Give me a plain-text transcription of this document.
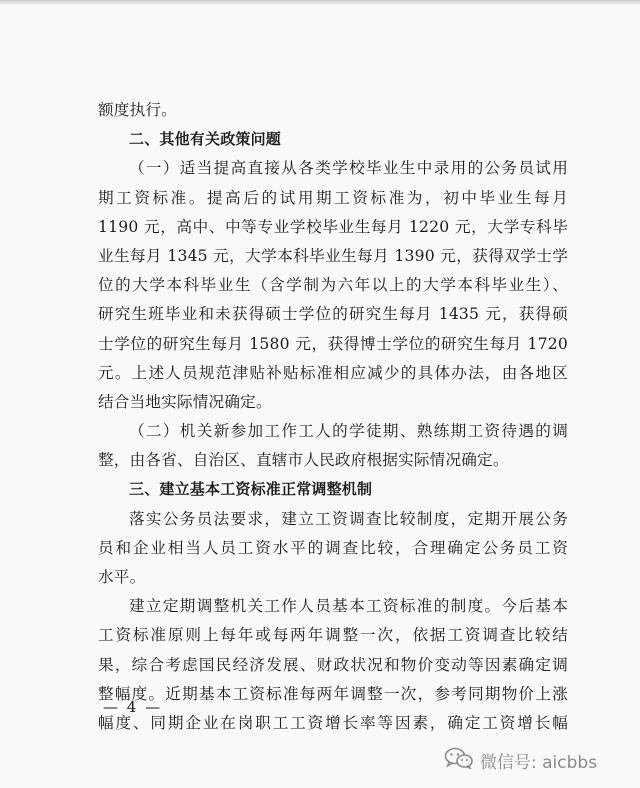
额度执行。
二、其他有关政策问题
（一）适当提高直接从各类学校毕业生中录用的公务员试用
期工资标准。提高后的试用期工资标准为，初中毕业生每月
1190 元，高中、中等专业学校毕业生每月 1220 元，大学专科毕
业生每月 1345 元，大学本科毕业生每月 1390 元，获得双学士学
位的大学本科毕业生（含学制为六年以上的大学本科毕业生）、
研究生班毕业和未获得硕士学位的研究生每月 1435 元，获得硕
士学位的研究生每月 1580 元，获得博士学位的研究生每月 1720
元。上述人员规范津贴补贴标准相应减少的具体办法，由各地区
结合当地实际情况确定。
（二）机关新参加工作工人的学徒期、熟练期工资待遇的调
整，由各省、自治区、直辖市人民政府根据实际情况确定。
三、建立基本工资标准正常调整机制
落实公务员法要求，建立工资调查比较制度，定期开展公务
员和企业相当人员工资水平的调查比较，合理确定公务员工资
水平。
建立定期调整机关工作人员基本工资标准的制度。今后基本
工资标准原则上每年或每两年调整一次，依据工资调查比较结
果，综合考虑国民经济发展、财政状况和物价变动等因素确定调
整幅度。近期基本工资标准每两年调整一次，参考同期物价上涨
幅度、同期企业在岗职工工资增长率等因素，确定工资增长幅
— 4 —
微信号: aicbbs
